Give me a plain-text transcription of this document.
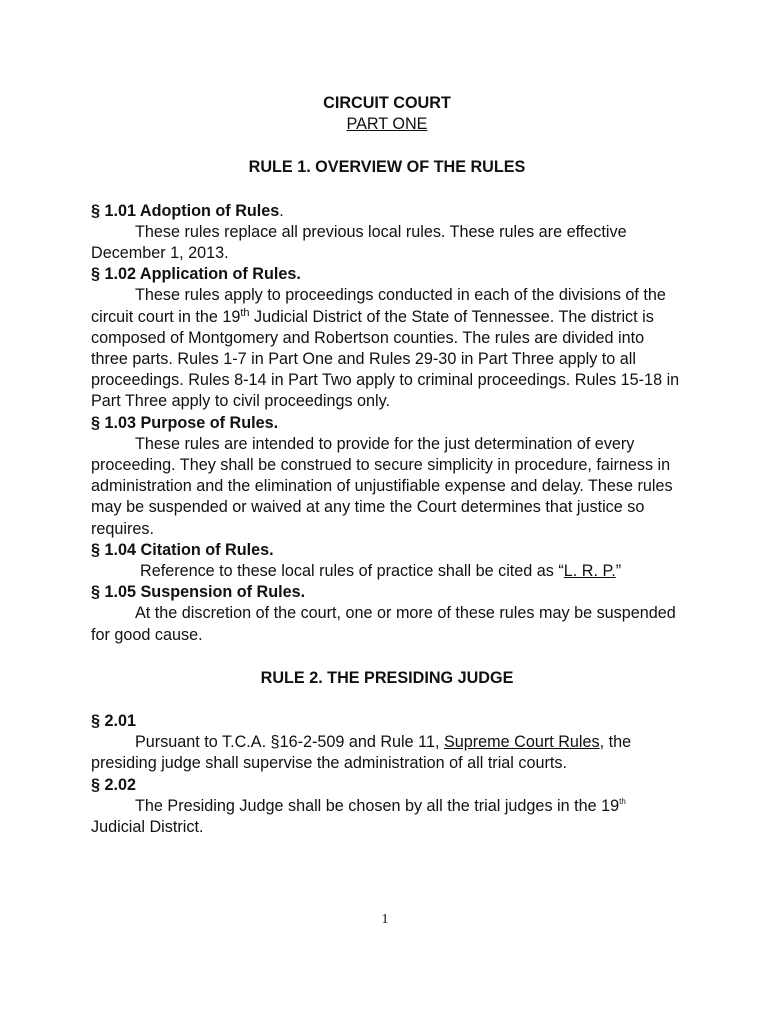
CIRCUIT COURT

PART ONE

RULE 1. OVERVIEW OF THE RULES

§ 1.01 Adoption of Rules.

These rules replace all previous local rules. These rules are effective December 1, 2013.

§ 1.02 Application of Rules.

These rules apply to proceedings conducted in each of the divisions of the circuit court in the 19th Judicial District of the State of Tennessee. The district is composed of Montgomery and Robertson counties. The rules are divided into three parts. Rules 1-7 in Part One and Rules 29-30 in Part Three apply to all proceedings. Rules 8-14 in Part Two apply to criminal proceedings. Rules 15-18 in Part Three apply to civil proceedings only.

§ 1.03 Purpose of Rules.

These rules are intended to provide for the just determination of every proceeding. They shall be construed to secure simplicity in procedure, fairness in administration and the elimination of unjustifiable expense and delay. These rules may be suspended or waived at any time the Court determines that justice so requires.

§ 1.04 Citation of Rules.

Reference to these local rules of practice shall be cited as “L. R. P.”

§ 1.05 Suspension of Rules.

At the discretion of the court, one or more of these rules may be suspended for good cause.

RULE 2. THE PRESIDING JUDGE

§ 2.01

Pursuant to T.C.A. §16-2-509 and Rule 11, Supreme Court Rules, the presiding judge shall supervise the administration of all trial courts.

§ 2.02

The Presiding Judge shall be chosen by all the trial judges in the 19th Judicial District.

1
